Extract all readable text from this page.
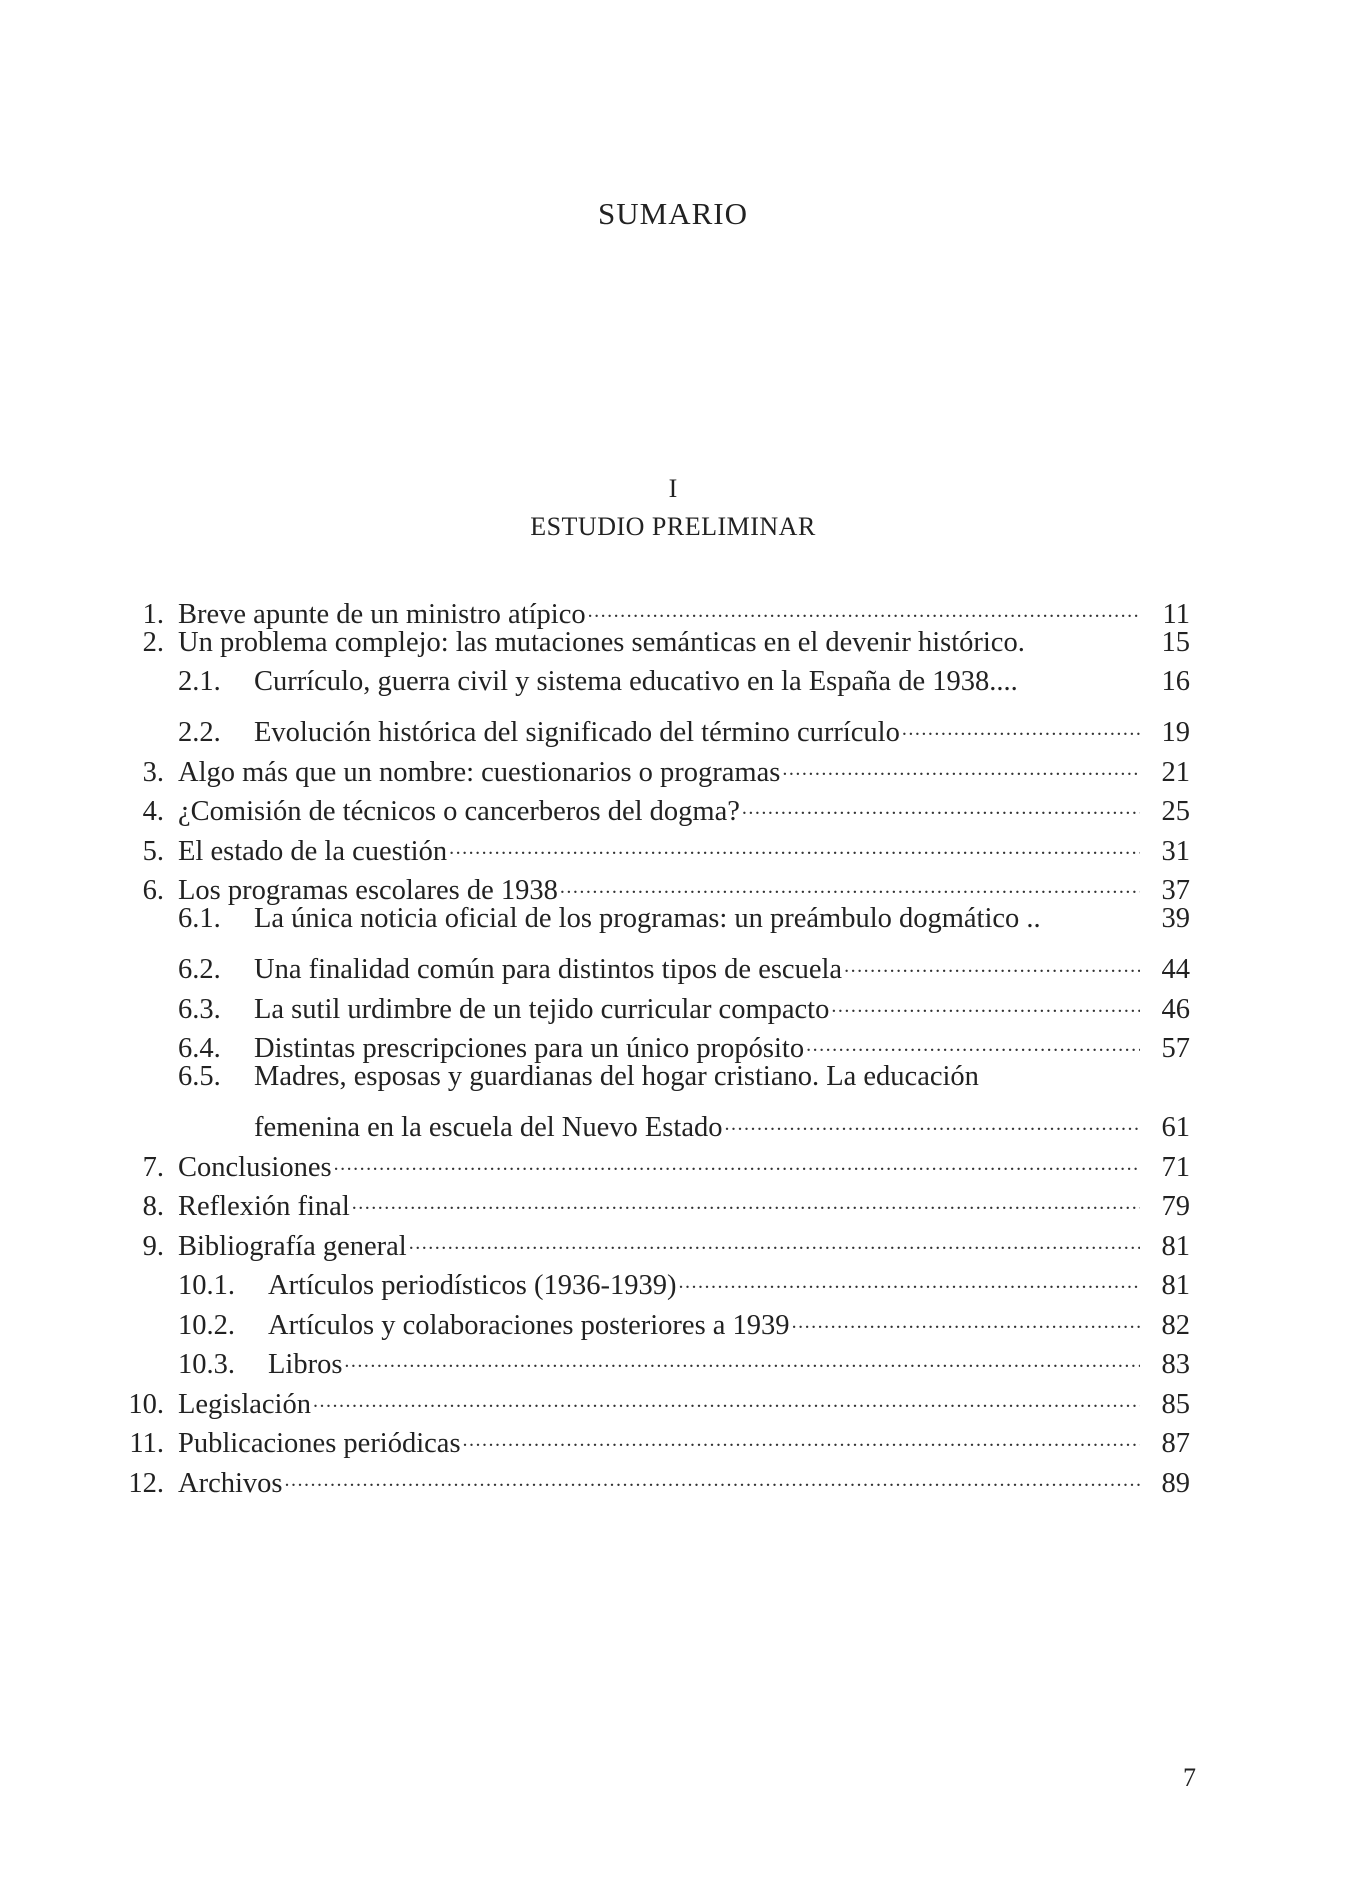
SUMARIO
I
ESTUDIO PRELIMINAR
1. Breve apunte de un ministro atípico .....	11
2. Un problema complejo: las mutaciones semánticas en el devenir histórico.	15
2.1.	Currículo, guerra civil y sistema educativo en la España de 1938....	16
2.2.	Evolución histórica del significado del término currículo .....	19
3. Algo más que un nombre: cuestionarios o programas .....	21
4. ¿Comisión de técnicos o cancerberos del dogma? .....	25
5. El estado de la cuestión .....	31
6. Los programas escolares de 1938 .....	37
6.1.	La única noticia oficial de los programas: un preámbulo dogmático ..	39
6.2.	Una finalidad común para distintos tipos de escuela .....	44
6.3.	La sutil urdimbre de un tejido curricular compacto .....	46
6.4.	Distintas prescripciones para un único propósito .....	57
6.5.	Madres, esposas y guardianas del hogar cristiano. La educación
femenina en la escuela del Nuevo Estado .....	61
7. Conclusiones .....	71
8. Reflexión final .....	79
9. Bibliografía general .....	81
10.1.	Artículos periodísticos (1936-1939) .....	81
10.2.	Artículos y colaboraciones posteriores a 1939 .....	82
10.3.	Libros .....	83
10. Legislación .....	85
11. Publicaciones periódicas .....	87
12. Archivos .....	89
7
